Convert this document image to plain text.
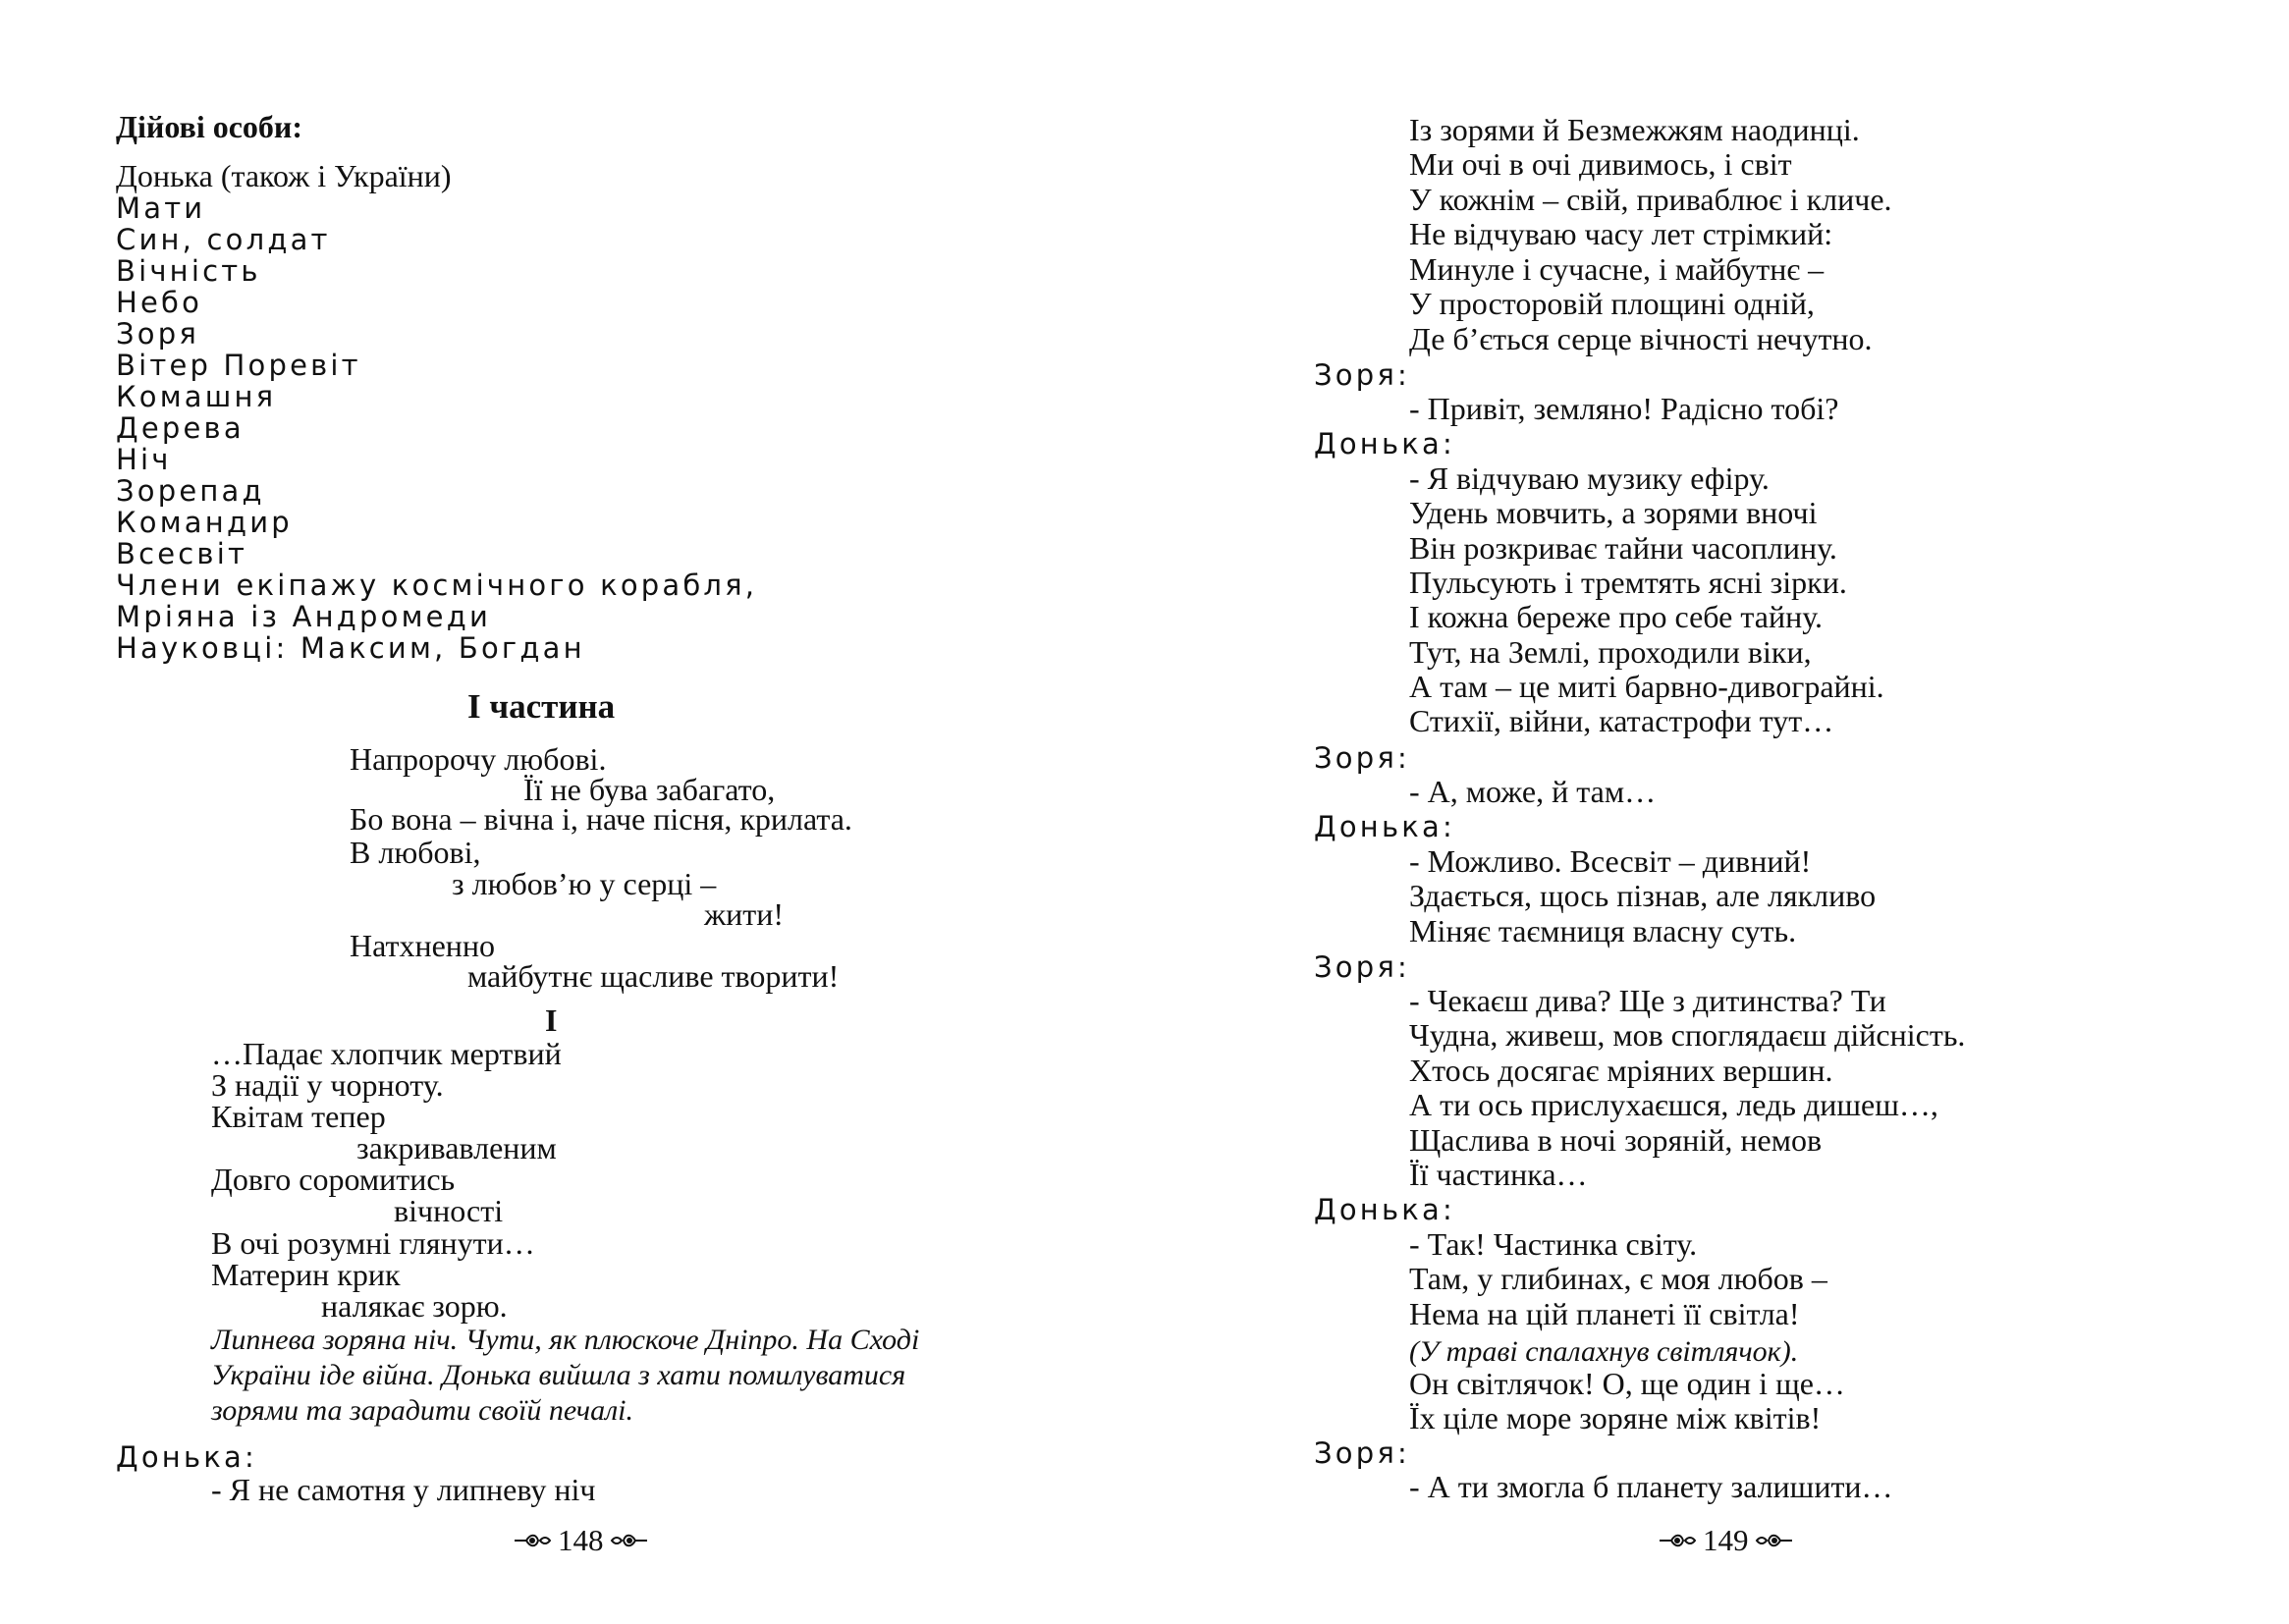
Дійові особи:
Донька (також і України)
Мати
Син, солдат
Вічність
Небо
Зоря
Вітер Поревіт
Комашня
Дерева
Ніч
Зорепад
Командир
Всесвіт
Члени екіпажу космічного корабля,
Мріяна із Андромеди
Науковці: Максим, Богдан
І частина
Напророчу любові.
Її не бува забагато,
Бо вона – вічна і, наче пісня, крилата.
В любові,
з любов’ю у серці –
жити!
Натхненно
майбутнє щасливе творити!
І
…Падає хлопчик мертвий
З надії у чорноту.
Квітам тепер
закривавленим
Довго соромитись
вічності
В очі розумні глянути…
Материн крик
налякає зорю.
Липнева зоряна ніч. Чути, як плюскоче Дніпро. На Сході
України іде війна. Донька вийшла з хати помилуватися
зорями та зарадити своїй печалі.
Донька:
- Я не самотня у липневу ніч
148
Із зорями й Безмежжям наодинці.
Ми очі в очі дивимось, і світ
У кожнім – свій, приваблює і кличе.
Не відчуваю часу лет стрімкий:
Минуле і сучасне, і майбутнє –
У просторовій площині одній,
Де б’ється серце вічності нечутно.
Зоря:
- Привіт, земляно! Радісно тобі?
Донька:
- Я відчуваю музику ефіру.
Удень мовчить, а зорями вночі
Він розкриває тайни часоплину.
Пульсують і тремтять ясні зірки.
І кожна береже про себе тайну.
Тут, на Землі, проходили віки,
А там – це миті барвно-дивограйні.
Стихії, війни, катастрофи тут…
Зоря:
- А, може, й там…
Донька:
- Можливо. Всесвіт – дивний!
Здається, щось пізнав, але лякливо
Міняє таємниця власну суть.
Зоря:
- Чекаєш дива? Ще з дитинства? Ти
Чудна, живеш, мов споглядаєш дійсність.
Хтось досягає мріяних вершин.
А ти ось прислухаєшся, ледь дишеш…,
Щаслива в ночі зоряній, немов
Її частинка…
Донька:
- Так! Частинка світу.
Там, у глибинах, є моя любов –
Нема на цій планеті її світла!
(У траві спалахнув світлячок).
Он світлячок! О, ще один і ще…
Їх ціле море зоряне між квітів!
Зоря:
- А ти змогла б планету залишити…
149
